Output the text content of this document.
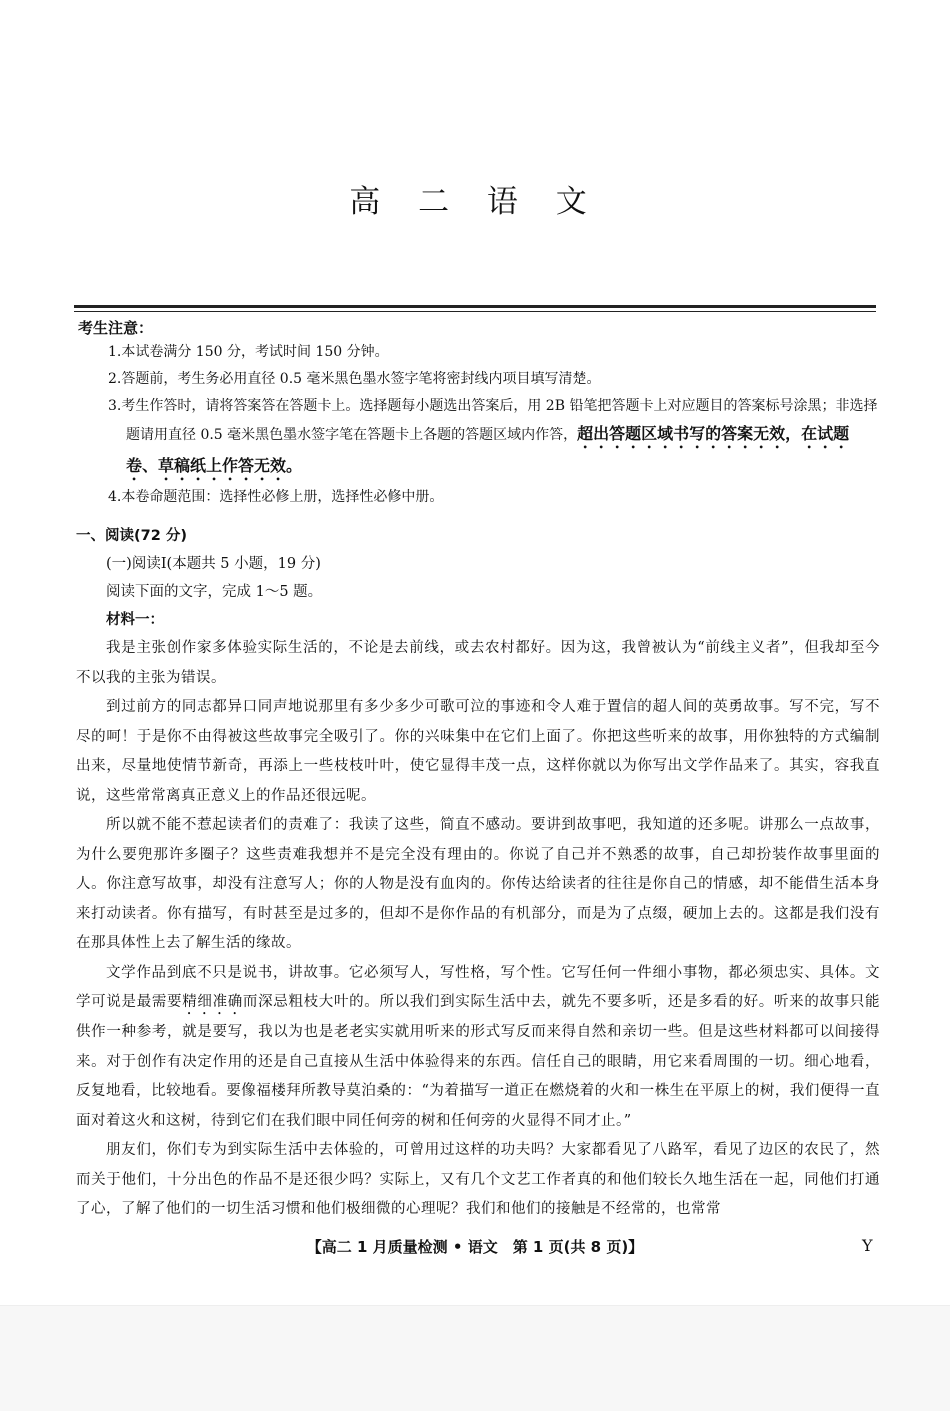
高 二 语 文
考生注意：
1.本试卷满分 150 分，考试时间 150 分钟。
2.答题前，考生务必用直径 0.5 毫米黑色墨水签字笔将密封线内项目填写清楚。
3.考生作答时，请将答案答在答题卡上。选择题每小题选出答案后，用 2B 铅笔把答题卡上对应题目的答案标号涂黑；非选择题请用直径 0.5 毫米黑色墨水签字笔在答题卡上各题的答题区域内作答，超出答题区域书写的答案无效，在试题卷、草稿纸上作答无效。
4.本卷命题范围：选择性必修上册，选择性必修中册。
一、阅读(72 分)
(一)阅读Ⅰ(本题共 5 小题，19 分)
阅读下面的文字，完成 1～5 题。
材料一：

我是主张创作家多体验实际生活的，不论是去前线，或去农村都好。因为这，我曾被认为“前线主义者”，但我却至今不以我的主张为错误。

到过前方的同志都异口同声地说那里有多少多少可歌可泣的事迹和令人难于置信的超人间的英勇故事。写不完，写不尽的呵！于是你不由得被这些故事完全吸引了。你的兴味集中在它们上面了。你把这些听来的故事，用你独特的方式编制出来，尽量地使情节新奇，再添上一些枝枝叶叶，使它显得丰茂一点，这样你就以为你写出文学作品来了。其实，容我直说，这些常常离真正意义上的作品还很远呢。

所以就不能不惹起读者们的责难了：我读了这些，简直不感动。要讲到故事吧，我知道的还多呢。讲那么一点故事，为什么要兜那许多圈子？这些责难我想并不是完全没有理由的。你说了自己并不熟悉的故事，自己却扮装作故事里面的人。你注意写故事，却没有注意写人；你的人物是没有血肉的。你传达给读者的往往是你自己的情感，却不能借生活本身来打动读者。你有描写，有时甚至是过多的，但却不是你作品的有机部分，而是为了点缀，硬加上去的。这都是我们没有在那具体性上去了解生活的缘故。

文学作品到底不只是说书，讲故事。它必须写人，写性格，写个性。它写任何一件细小事物，都必须忠实、具体。文学可说是最需要精细准确而深忌粗枝大叶的。所以我们到实际生活中去，就先不要多听，还是多看的好。听来的故事只能供作一种参考，就是要写，我以为也是老老实实就用听来的形式写反而来得自然和亲切一些。但是这些材料都可以间接得来。对于创作有决定作用的还是自己直接从生活中体验得来的东西。信任自己的眼睛，用它来看周围的一切。细心地看，反复地看，比较地看。要像福楼拜所教导莫泊桑的：“为着描写一道正在燃烧着的火和一株生在平原上的树，我们便得一直面对着这火和这树，待到它们在我们眼中同任何旁的树和任何旁的火显得不同才止。”

朋友们，你们专为到实际生活中去体验的，可曾用过这样的功夫吗？大家都看见了八路军，看见了边区的农民了，然而关于他们，十分出色的作品不是还很少吗？实际上，又有几个文艺工作者真的和他们较长久地生活在一起，同他们打通了心，了解了他们的一切生活习惯和他们极细微的心理呢？我们和他们的接触是不经常的，也常常

【高二 1 月质量检测 • 语文　第 1 页(共 8 页)】	Y
